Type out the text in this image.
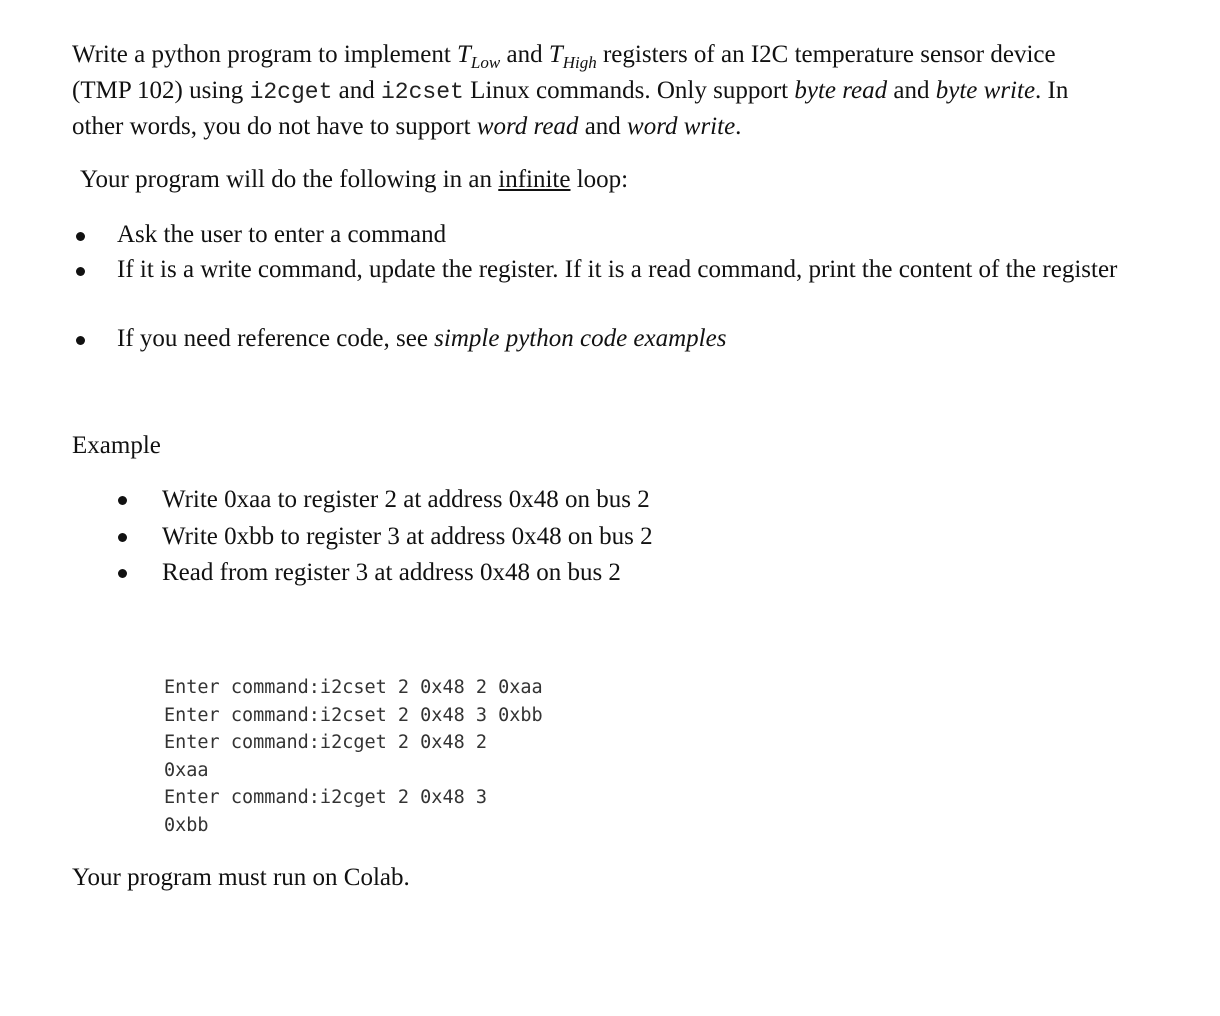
Write a python program to implement $T_{Low}$ and $T_{High}$ registers of an I2C temperature sensor device
(TMP 102) using i2cget and i2cset Linux commands. Only support byte read and byte write. In
other words, you do not have to support word read and word write.
Your program will do the following in an infinite loop:
Ask the user to enter a command
If it is a write command, update the register. If it is a read command, print the content of the register
If you need reference code, see simple python code examples
Example
Write 0xaa to register 2 at address 0x48 on bus 2
Write 0xbb to register 3 at address 0x48 on bus 2
Read from register 3 at address 0x48 on bus 2
Enter command:i2cset 2 0x48 2 0xaa
Enter command:i2cset 2 0x48 3 0xbb
Enter command:i2cget 2 0x48 2
0xaa
Enter command:i2cget 2 0x48 3
0xbb
Your program must run on Colab.
